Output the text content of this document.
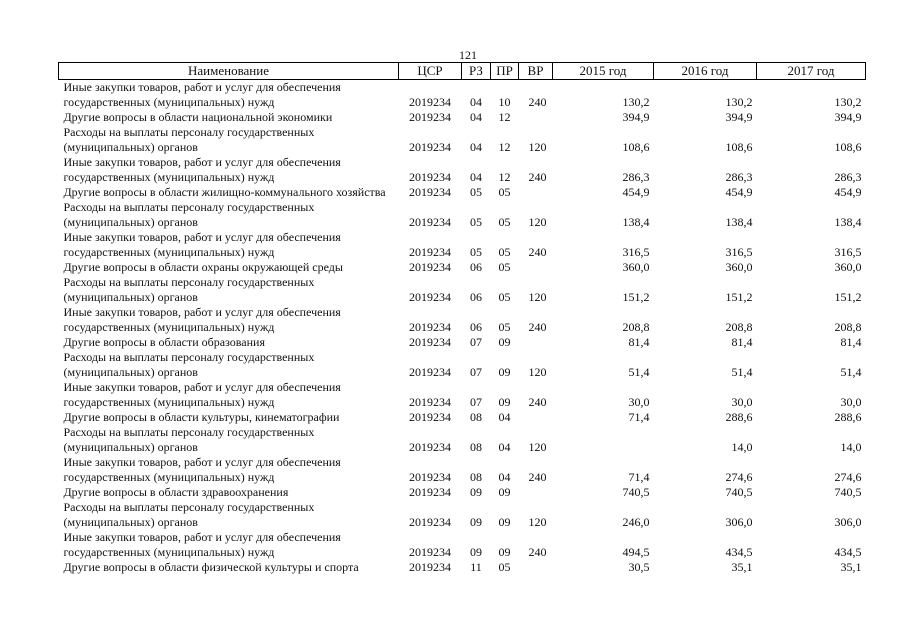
121
Наименование	ЦСР	РЗ	ПР	ВР	2015 год	2016 год	2017 год
Иные закупки товаров, работ и услуг для обеспечения государственных (муниципальных) нужд	2019234	04	10	240	130,2	130,2	130,2
Другие вопросы в области национальной экономики	2019234	04	12		394,9	394,9	394,9
Расходы на выплаты персоналу государственных (муниципальных) органов	2019234	04	12	120	108,6	108,6	108,6
Иные закупки товаров, работ и услуг для обеспечения государственных (муниципальных) нужд	2019234	04	12	240	286,3	286,3	286,3
Другие вопросы в области жилищно-коммунального хозяйства	2019234	05	05		454,9	454,9	454,9
Расходы на выплаты персоналу государственных (муниципальных) органов	2019234	05	05	120	138,4	138,4	138,4
Иные закупки товаров, работ и услуг для обеспечения государственных (муниципальных) нужд	2019234	05	05	240	316,5	316,5	316,5
Другие вопросы в области охраны окружающей среды	2019234	06	05		360,0	360,0	360,0
Расходы на выплаты персоналу государственных (муниципальных) органов	2019234	06	05	120	151,2	151,2	151,2
Иные закупки товаров, работ и услуг для обеспечения государственных (муниципальных) нужд	2019234	06	05	240	208,8	208,8	208,8
Другие вопросы в области образования	2019234	07	09		81,4	81,4	81,4
Расходы на выплаты персоналу государственных (муниципальных) органов	2019234	07	09	120	51,4	51,4	51,4
Иные закупки товаров, работ и услуг для обеспечения государственных (муниципальных) нужд	2019234	07	09	240	30,0	30,0	30,0
Другие вопросы в области культуры, кинематографии	2019234	08	04		71,4	288,6	288,6
Расходы на выплаты персоналу государственных (муниципальных) органов	2019234	08	04	120		14,0	14,0
Иные закупки товаров, работ и услуг для обеспечения государственных (муниципальных) нужд	2019234	08	04	240	71,4	274,6	274,6
Другие вопросы в области здравоохранения	2019234	09	09		740,5	740,5	740,5
Расходы на выплаты персоналу государственных (муниципальных) органов	2019234	09	09	120	246,0	306,0	306,0
Иные закупки товаров, работ и услуг для обеспечения государственных (муниципальных) нужд	2019234	09	09	240	494,5	434,5	434,5
Другие вопросы в области физической культуры и спорта	2019234	11	05		30,5	35,1	35,1
